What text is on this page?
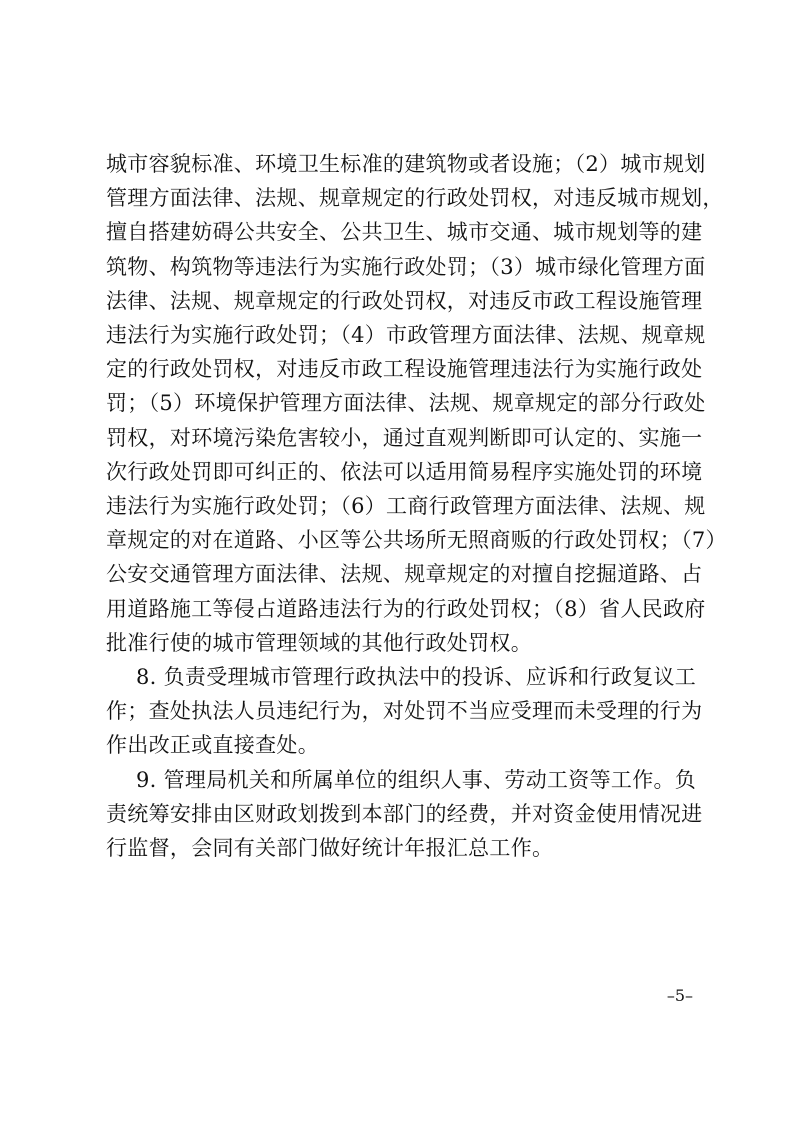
城市容貌标准、环境卫生标准的建筑物或者设施；（2）城市规划
管理方面法律、法规、规章规定的行政处罚权，对违反城市规划，
擅自搭建妨碍公共安全、公共卫生、城市交通、城市规划等的建
筑物、构筑物等违法行为实施行政处罚；（3）城市绿化管理方面
法律、法规、规章规定的行政处罚权，对违反市政工程设施管理
违法行为实施行政处罚；（4）市政管理方面法律、法规、规章规
定的行政处罚权，对违反市政工程设施管理违法行为实施行政处
罚；（5）环境保护管理方面法律、法规、规章规定的部分行政处
罚权，对环境污染危害较小，通过直观判断即可认定的、实施一
次行政处罚即可纠正的、依法可以适用简易程序实施处罚的环境
违法行为实施行政处罚；（6）工商行政管理方面法律、法规、规
章规定的对在道路、小区等公共场所无照商贩的行政处罚权；（7）
公安交通管理方面法律、法规、规章规定的对擅自挖掘道路、占
用道路施工等侵占道路违法行为的行政处罚权；（8）省人民政府
批准行使的城市管理领域的其他行政处罚权。

8. 负责受理城市管理行政执法中的投诉、应诉和行政复议工
作；查处执法人员违纪行为，对处罚不当应受理而未受理的行为
作出改正或直接查处。

9. 管理局机关和所属单位的组织人事、劳动工资等工作。负
责统筹安排由区财政划拨到本部门的经费，并对资金使用情况进
行监督，会同有关部门做好统计年报汇总工作。

–5–
